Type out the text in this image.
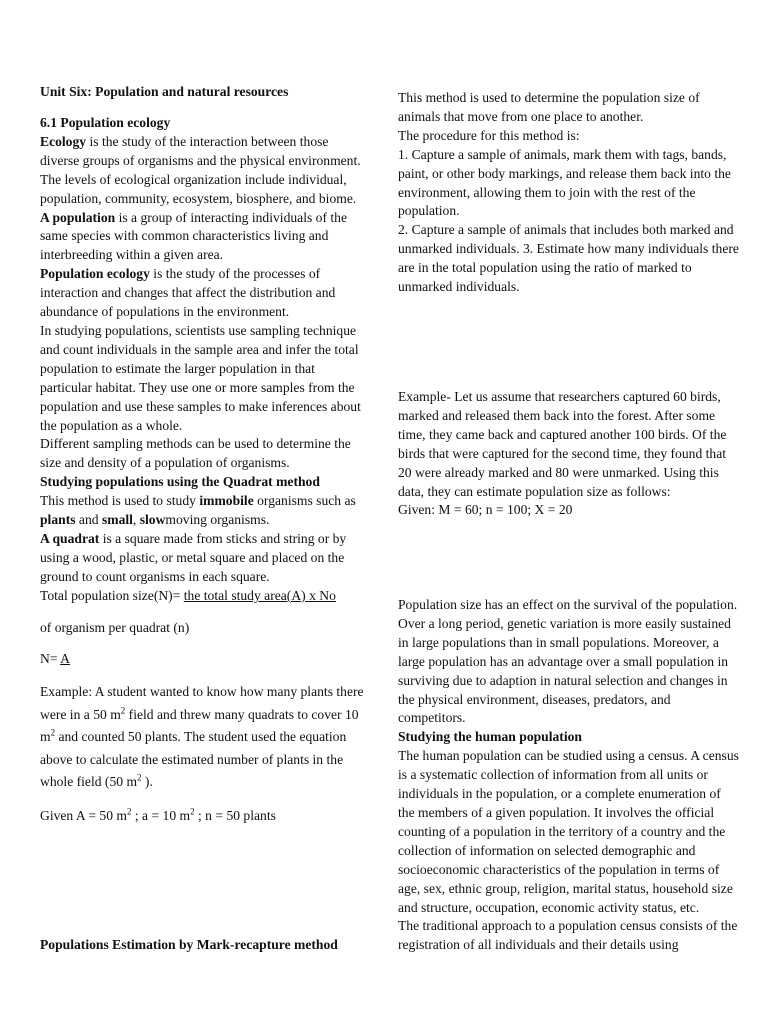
Unit Six: Population and natural resources

6.1 Population ecology

Ecology is the study of the interaction between those diverse groups of organisms and the physical environment.

The levels of ecological organization include individual, population, community, ecosystem, biosphere, and biome.

A population is a group of interacting individuals of the same species with common characteristics living and interbreeding within a given area.

Population ecology is the study of the processes of interaction and changes that affect the distribution and abundance of populations in the environment.

In studying populations, scientists use sampling technique and count individuals in the sample area and infer the total population to estimate the larger population in that particular habitat. They use one or more samples from the population and use these samples to make inferences about the population as a whole.

Different sampling methods can be used to determine the size and density of a population of organisms.

Studying populations using the Quadrat method

This method is used to study immobile organisms such as plants and small, slowmoving organisms.

A quadrat is a square made from sticks and string or by using a wood, plastic, or metal square and placed on the ground to count organisms in each square.

Total population size(N)= the total study area(A) x No

of organism per quadrat (n)
N= A

Example: A student wanted to know how many plants there were in a 50 $m^2$ field and threw many quadrats to cover 10 $m^2$ and counted 50 plants. The student used the equation above to calculate the estimated number of plants in the whole field (50 $m^2$ ).

Given A = 50 $m^2$ ; a = 10 $m^2$ ; n = 50 plants
Populations Estimation by Mark-recapture method

This method is used to determine the population size of animals that move from one place to another.

The procedure for this method is:

1. Capture a sample of animals, mark them with tags, bands, paint, or other body markings, and release them back into the environment, allowing them to join with the rest of the population.

2. Capture a sample of animals that includes both marked and unmarked individuals. 3. Estimate how many individuals there are in the total population using the ratio of marked to unmarked individuals.

Example- Let us assume that researchers captured 60 birds, marked and released them back into the forest. After some time, they came back and captured another 100 birds. Of the birds that were captured for the second time, they found that 20 were already marked and 80 were unmarked. Using this data, they can estimate population size as follows:

Given: M = 60; n = 100; X = 20

Population size has an effect on the survival of the population. Over a long period, genetic variation is more easily sustained in large populations than in small populations. Moreover, a large population has an advantage over a small population in surviving due to adaption in natural selection and changes in the physical environment, diseases, predators, and competitors.

Studying the human population

The human population can be studied using a census. A census is a systematic collection of information from all units or individuals in the population, or a complete enumeration of the members of a given population. It involves the official counting of a population in the territory of a country and the collection of information on selected demographic and socioeconomic characteristics of the population in terms of age, sex, ethnic group, religion, marital status, household size and structure, occupation, economic activity status, etc.

The traditional approach to a population census consists of the registration of all individuals and their details using
